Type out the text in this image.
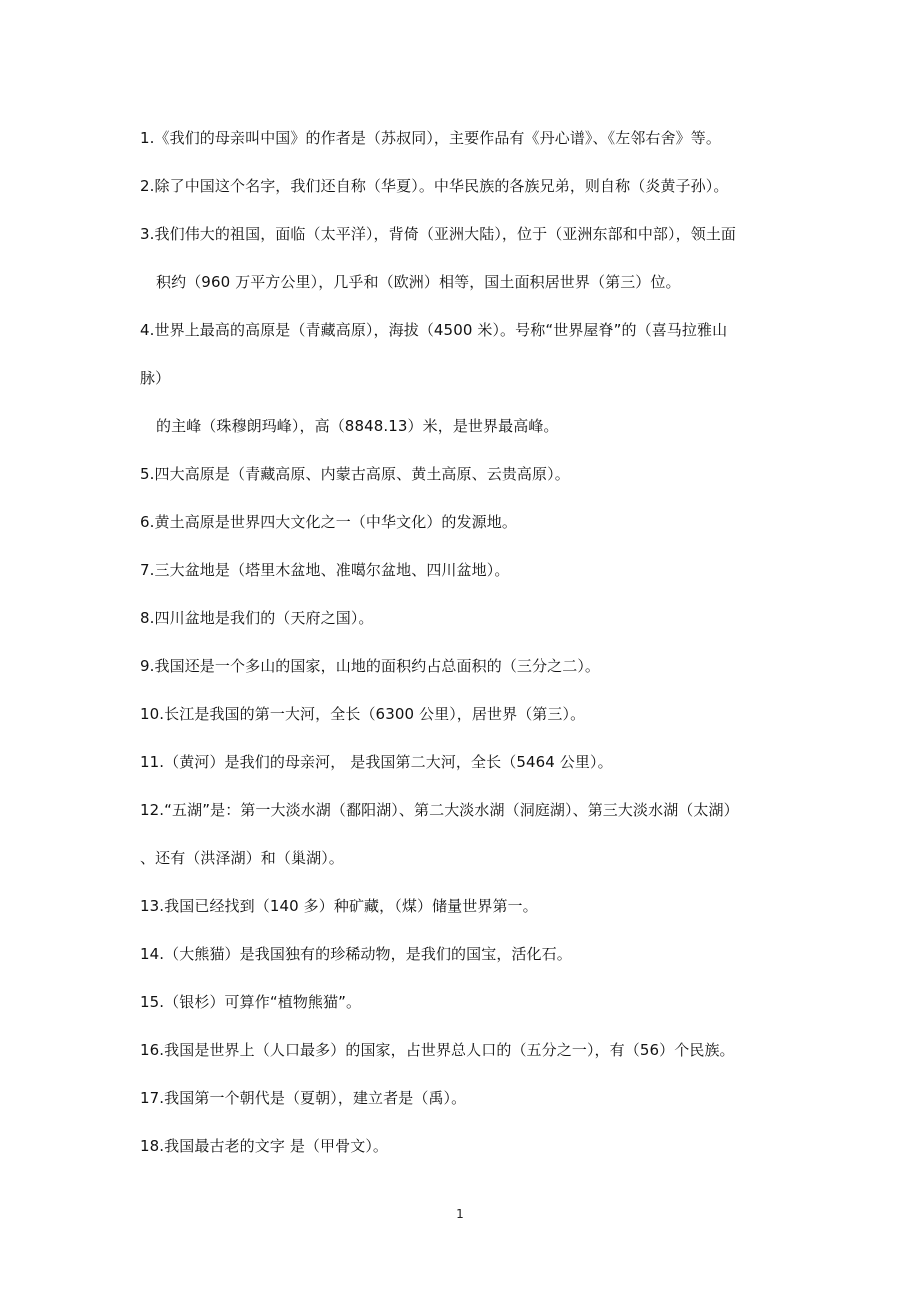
1.《我们的母亲叫中国》的作者是（苏叔同），主要作品有《丹心谱》、《左邻右舍》等。
2.除了中国这个名字，我们还自称（华夏）。中华民族的各族兄弟，则自称（炎黄子孙）。
3.我们伟大的祖国，面临（太平洋），背倚（亚洲大陆），位于（亚洲东部和中部），领土面
积约（960 万平方公里），几乎和（欧洲）相等，国土面积居世界（第三）位。
4.世界上最高的高原是（青藏高原），海拔（4500 米）。号称“世界屋脊”的（喜马拉雅山
脉）
的主峰（珠穆朗玛峰），高（8848.13）米，是世界最高峰。
5.四大高原是（青藏高原、内蒙古高原、黄土高原、云贵高原）。
6.黄土高原是世界四大文化之一（中华文化）的发源地。
7.三大盆地是（塔里木盆地、准噶尔盆地、四川盆地）。
8.四川盆地是我们的（天府之国）。
9.我国还是一个多山的国家，山地的面积约占总面积的（三分之二）。
10.长江是我国的第一大河，全长（6300 公里），居世界（第三）。
11.（黄河）是我们的母亲河， 是我国第二大河，全长（5464 公里）。
12.“五湖”是：第一大淡水湖（鄱阳湖）、第二大淡水湖（洞庭湖）、第三大淡水湖（太湖）
、还有（洪泽湖）和（巢湖）。
13.我国已经找到（140 多）种矿藏，（煤）储量世界第一。
14.（大熊猫）是我国独有的珍稀动物，是我们的国宝，活化石。
15.（银杉）可算作“植物熊猫”。
16.我国是世界上（人口最多）的国家，占世界总人口的（五分之一），有（56）个民族。
17.我国第一个朝代是（夏朝），建立者是（禹）。
18.我国最古老的文字 是（甲骨文）。
1
